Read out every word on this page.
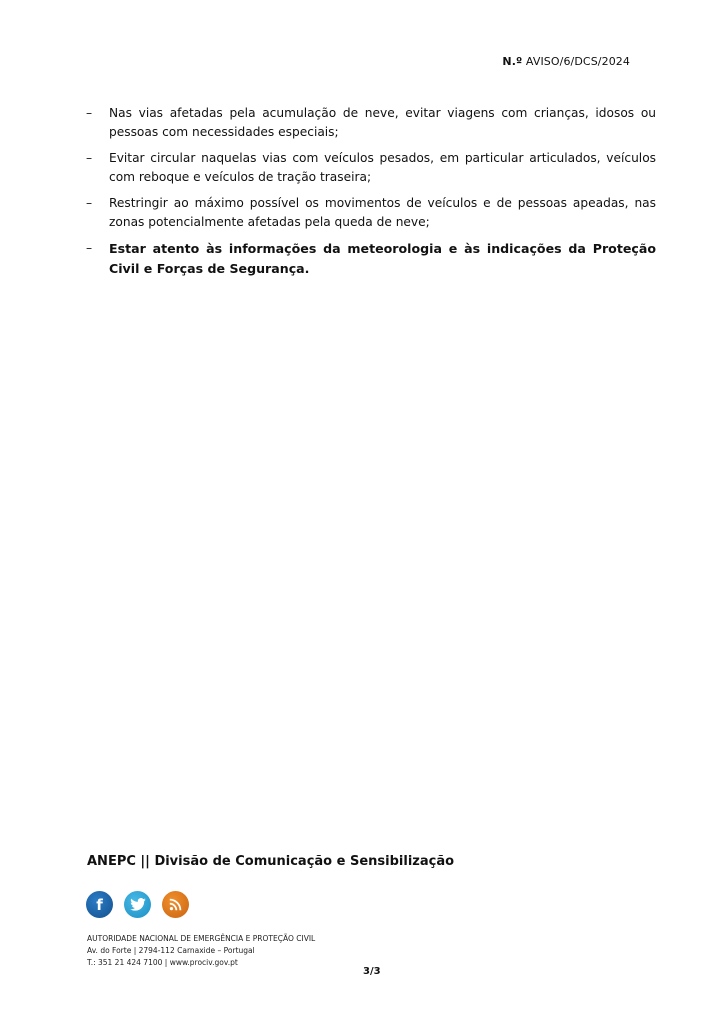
N.º AVISO/6/DCS/2024
– Nas vias afetadas pela acumulação de neve, evitar viagens com crianças, idosos ou pessoas com necessidades especiais;
– Evitar circular naquelas vias com veículos pesados, em particular articulados, veículos com reboque e veículos de tração traseira;
– Restringir ao máximo possível os movimentos de veículos e de pessoas apeadas, nas zonas potencialmente afetadas pela queda de neve;
– Estar atento às informações da meteorologia e às indicações da Proteção Civil e Forças de Segurança.
ANEPC || Divisão de Comunicação e Sensibilização
f
AUTORIDADE NACIONAL DE EMERGÊNCIA E PROTEÇÃO CIVIL
Av. do Forte | 2794-112 Carnaxide – Portugal
T.: 351 21 424 7100 | www.prociv.gov.pt
3/3
